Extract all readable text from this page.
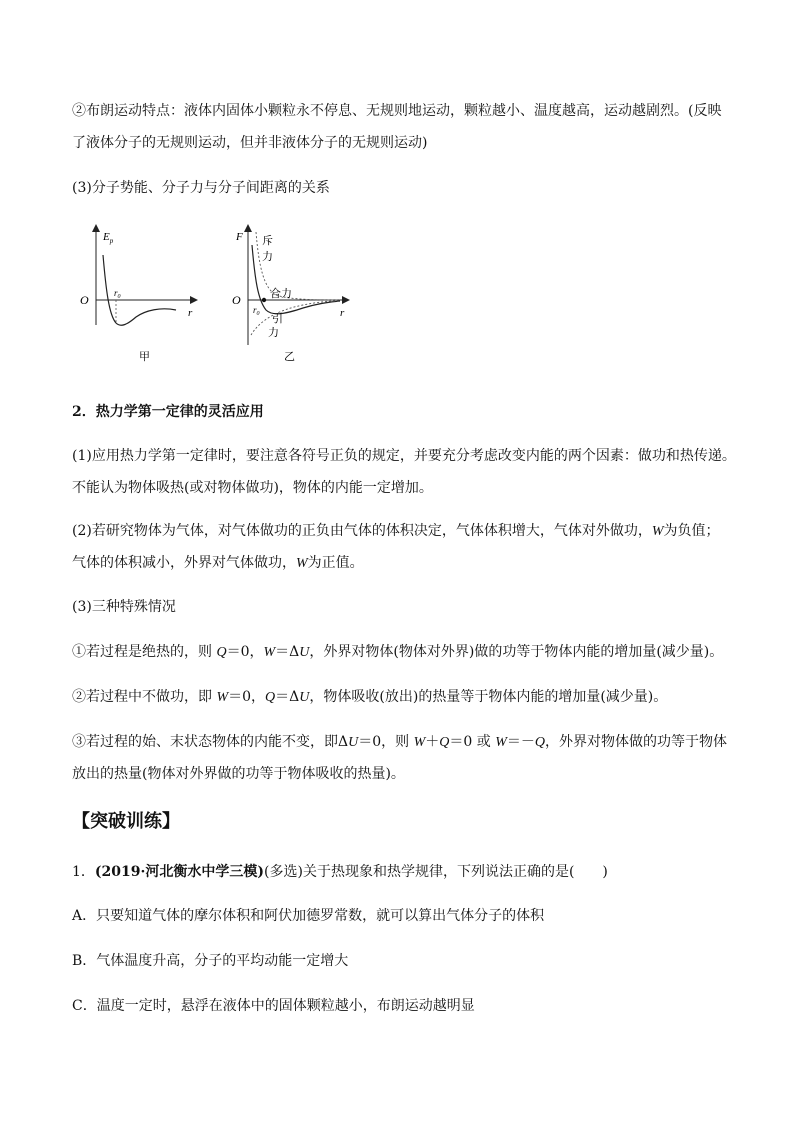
②布朗运动特点：液体内固体小颗粒永不停息、无规则地运动，颗粒越小、温度越高，运动越剧烈。(反映
了液体分子的无规则运动，但并非液体分子的无规则运动)
(3)分子势能、分子力与分子间距离的关系
$E_p$
O	$r_0$
r
甲
F 斥
力
合力
引
力
O
$r_0$	r
乙
2．热力学第一定律的灵活应用
(1)应用热力学第一定律时，要注意各符号正负的规定，并要充分考虑改变内能的两个因素：做功和热传递。
不能认为物体吸热(或对物体做功)，物体的内能一定增加。
(2)若研究物体为气体，对气体做功的正负由气体的体积决定，气体体积增大，气体对外做功，W为负值；
气体的体积减小，外界对气体做功，W为正值。
(3)三种特殊情况
①若过程是绝热的，则 Q＝0，W＝ΔU，外界对物体(物体对外界)做的功等于物体内能的增加量(减少量)。
②若过程中不做功，即 W＝0，Q＝ΔU，物体吸收(放出)的热量等于物体内能的增加量(减少量)。
③若过程的始、末状态物体的内能不变，即ΔU＝0，则 W＋Q＝0 或 W＝－Q，外界对物体做的功等于物体
放出的热量(物体对外界做的功等于物体吸收的热量)。
【突破训练】
1．(2019·河北衡水中学三模)(多选)关于热现象和热学规律，下列说法正确的是(　　)
A．只要知道气体的摩尔体积和阿伏加德罗常数，就可以算出气体分子的体积
B．气体温度升高，分子的平均动能一定增大
C．温度一定时，悬浮在液体中的固体颗粒越小，布朗运动越明显
